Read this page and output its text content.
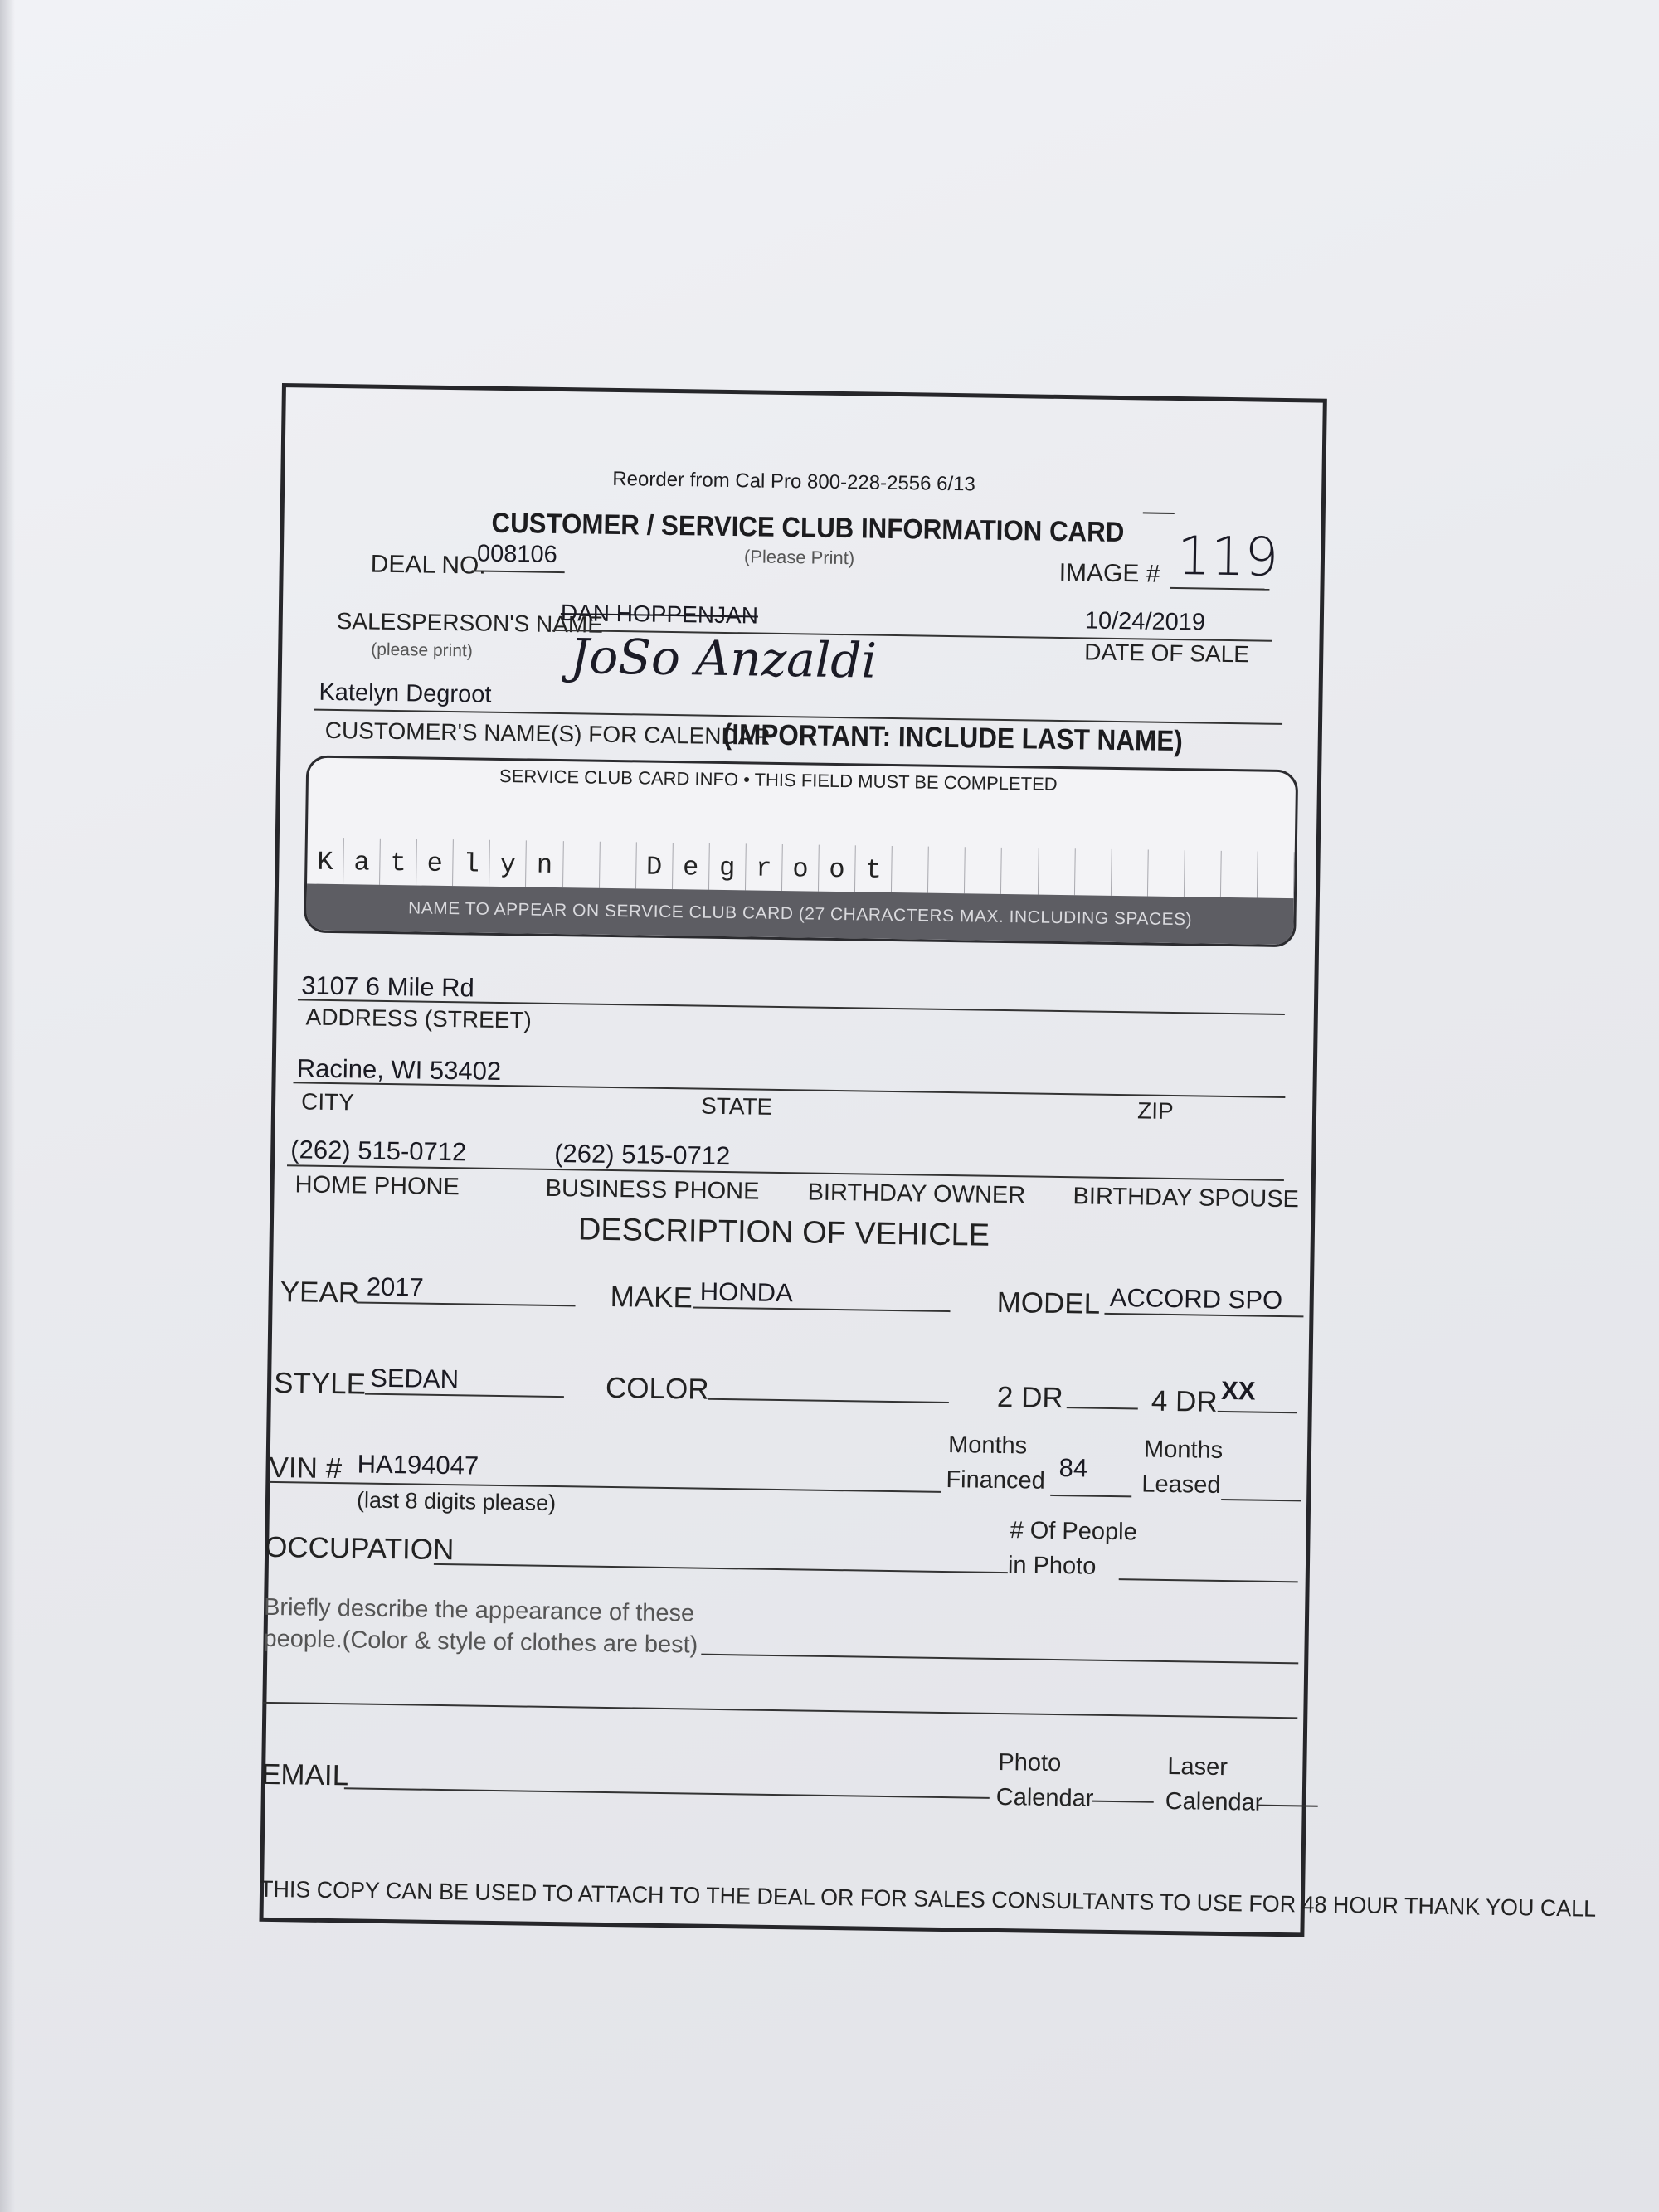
Reorder from Cal Pro 800-228-2556 6/13
CUSTOMER / SERVICE CLUB INFORMATION CARD
(Please Print)
DEAL NO.
008106
IMAGE # 119
SALESPERSON'S NAME
DAN HOPPENJAN
(please print) JoSo Anzaldi
10/24/2019
DATE OF SALE
Katelyn Degroot
CUSTOMER'S NAME(S) FOR CALENDAR
(IMPORTANT: INCLUDE LAST NAME)
SERVICE CLUB CARD INFO • THIS FIELD MUST BE COMPLETED
K a t e l y n	D e g r o o t
NAME TO APPEAR ON SERVICE CLUB CARD (27 CHARACTERS MAX. INCLUDING SPACES)
3107 6 Mile Rd
ADDRESS (STREET)
Racine, WI 53402
CITY	STATE	ZIP
(262) 515-0712	(262) 515-0712
HOME PHONE	BUSINESS PHONE BIRTHDAY OWNER BIRTHDAY SPOUSE
DESCRIPTION OF VEHICLE
YEAR 2017	MAKE HONDA	MODEL ACCORD SPO
STYLE SEDAN	COLOR	2 DR	4 DR XX
VIN # HA194047
(last 8 digits please)
Months
Financed 84
Months
Leased
OCCUPATION	# Of People
in Photo
Briefly describe the appearance of these
people.(Color & style of clothes are best)
EMAIL	Photo
Calendar
Laser
Calendar
THIS COPY CAN BE USED TO ATTACH TO THE DEAL OR FOR SALES CONSULTANTS TO USE FOR 48 HOUR THANK YOU CALL
